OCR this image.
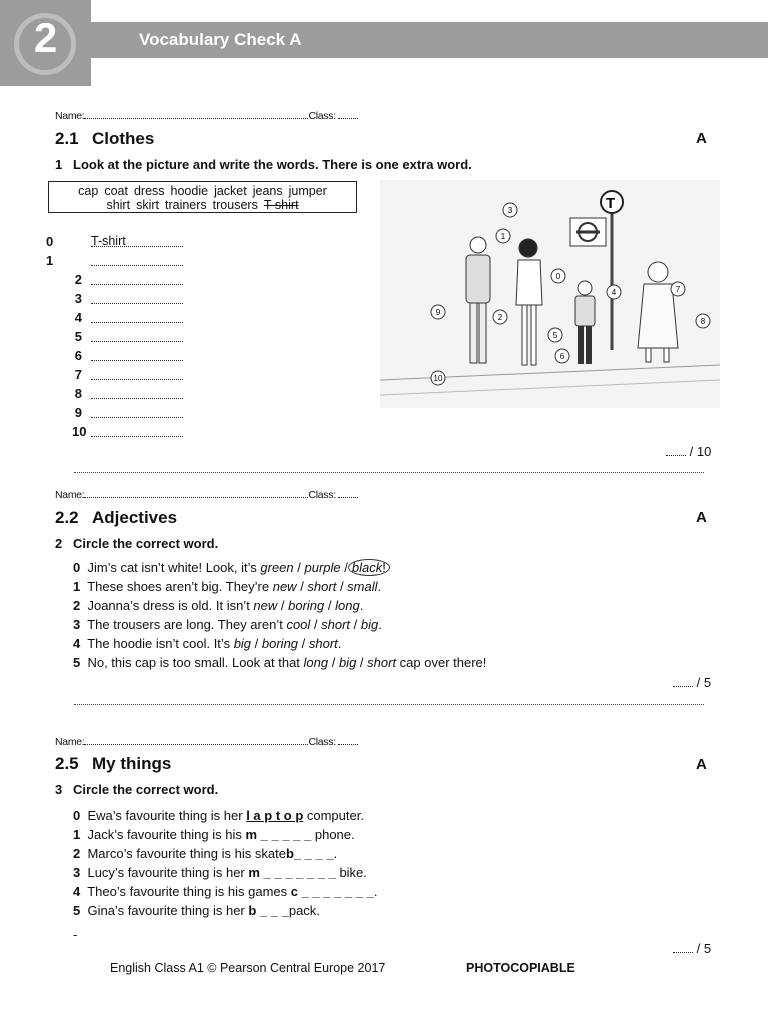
2	Vocabulary Check A
Name:	Class:
2.1 Clothes	A
1 Look at the picture and write the words. There is one extra word.
cap coat dress hoodie jacket jeans jumper
shirt skirt trainers trousers T-shirt
0	T-shirt
1
2
3
4
5
6
7
8
9
10
T
0
1
2
3
4
5
6
7
8
9
10
/ 10
Name:	Class:
2.2 Adjectives	A
2 Circle the correct word.
0 Jim’s cat isn’t white! Look, it’s green / purple / black!
1 These shoes aren’t big. They’re new / short / small.
2 Joanna’s dress is old. It isn’t new / boring / long.
3 The trousers are long. They aren’t cool / short / big.
4 The hoodie isn’t cool. It’s big / boring / short.
5 No, this cap is too small. Look at that long / big / short cap over there!
/ 5
Name:	Class:
2.5 My things	A
3 Circle the correct word.
0 Ewa’s favourite thing is her l a p t o p computer.
1 Jack’s favourite thing is his m _ _ _ _ _ phone.
2 Marco’s favourite thing is his skateb_ _ _ _.
3 Lucy’s favourite thing is her m _ _ _ _ _ _ _ bike.
4 Theo’s favourite thing is his games c _ _ _ _ _ _ _.
5 Gina’s favourite thing is her b _ _ _pack.
-
/ 5
English Class A1 © Pearson Central Europe 2017	PHOTOCOPIABLE
